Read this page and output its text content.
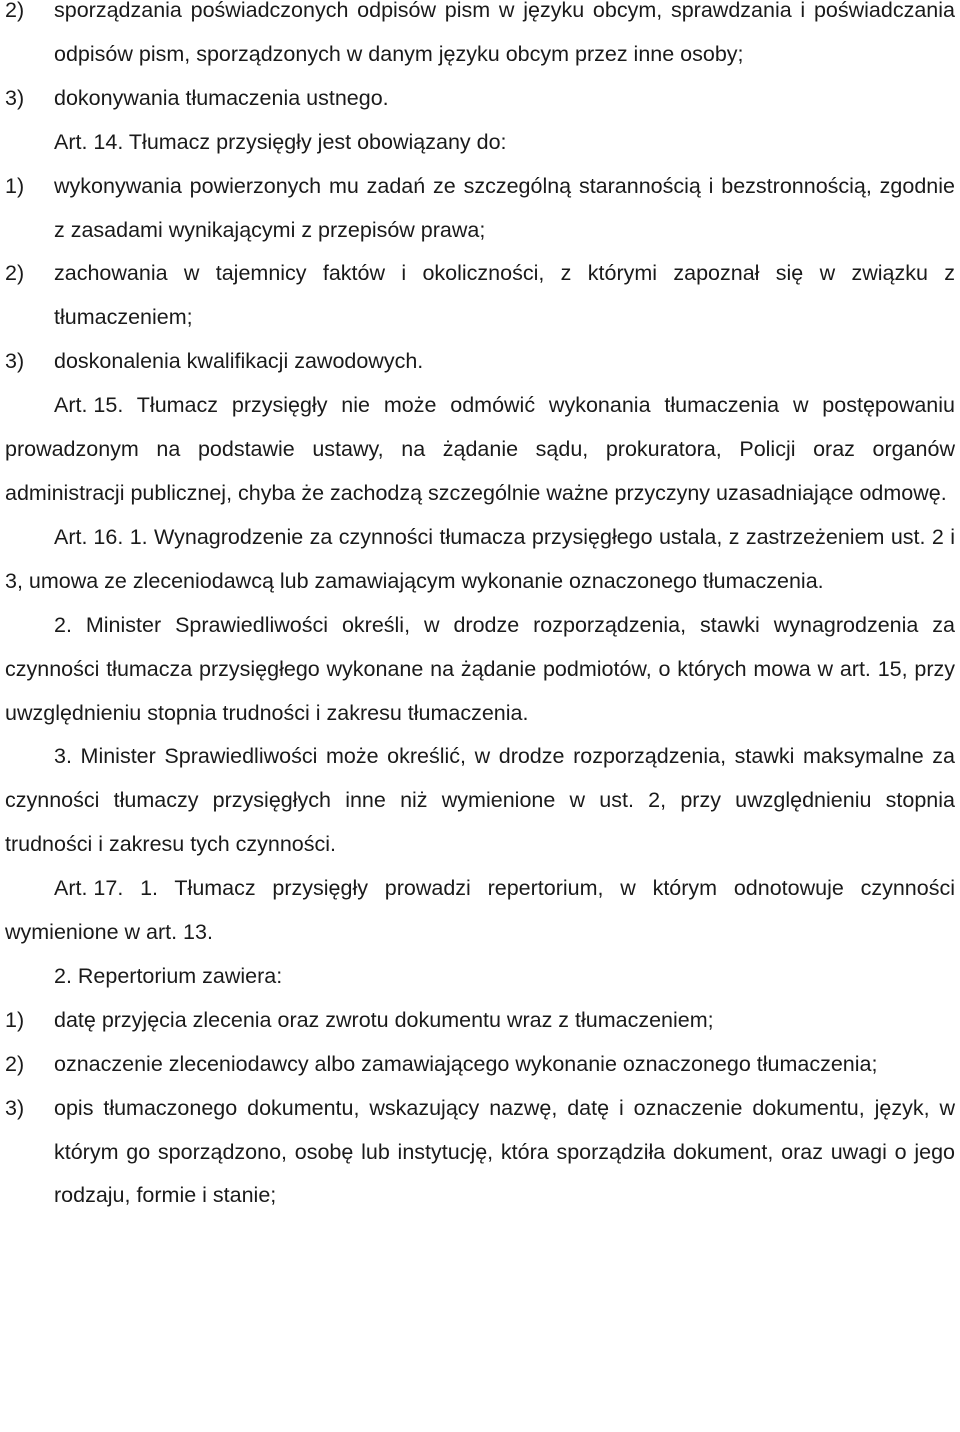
2)	sporządzania poświadczonych odpisów pism w języku obcym, sprawdzania i poświadczania odpisów pism, sporządzonych w danym języku obcym przez inne osoby;
3)	dokonywania tłumaczenia ustnego.
Art. 14. Tłumacz przysięgły jest obowiązany do:
1)	wykonywania powierzonych mu zadań ze szczególną starannością i bezstronnością, zgodnie z zasadami wynikającymi z przepisów prawa;
2)	zachowania w tajemnicy faktów i okoliczności, z którymi zapoznał się w związku z tłumaczeniem;
3)	doskonalenia kwalifikacji zawodowych.
Art. 15. Tłumacz przysięgły nie może odmówić wykonania tłumaczenia w postępowaniu prowadzonym na podstawie ustawy, na żądanie sądu, prokuratora, Policji oraz organów administracji publicznej, chyba że zachodzą szczególnie ważne przyczyny uzasadniające odmowę.
Art. 16. 1. Wynagrodzenie za czynności tłumacza przysięgłego ustala, z zastrzeżeniem ust. 2 i 3, umowa ze zleceniodawcą lub zamawiającym wykonanie oznaczonego tłumaczenia.
2. Minister Sprawiedliwości określi, w drodze rozporządzenia, stawki wynagrodzenia za czynności tłumacza przysięgłego wykonane na żądanie podmiotów, o których mowa w art. 15, przy uwzględnieniu stopnia trudności i zakresu tłumaczenia.
3. Minister Sprawiedliwości może określić, w drodze rozporządzenia, stawki maksymalne za czynności tłumaczy przysięgłych inne niż wymienione w ust. 2, przy uwzględnieniu stopnia trudności i zakresu tych czynności.
Art. 17. 1. Tłumacz przysięgły prowadzi repertorium, w którym odnotowuje czynności wymienione w art. 13.
2. Repertorium zawiera:
1)	datę przyjęcia zlecenia oraz zwrotu dokumentu wraz z tłumaczeniem;
2)	oznaczenie zleceniodawcy albo zamawiającego wykonanie oznaczonego tłumaczenia;
3)	opis tłumaczonego dokumentu, wskazujący nazwę, datę i oznaczenie dokumentu, język, w którym go sporządzono, osobę lub instytucję, która sporządziła dokument, oraz uwagi o jego rodzaju, formie i stanie;
